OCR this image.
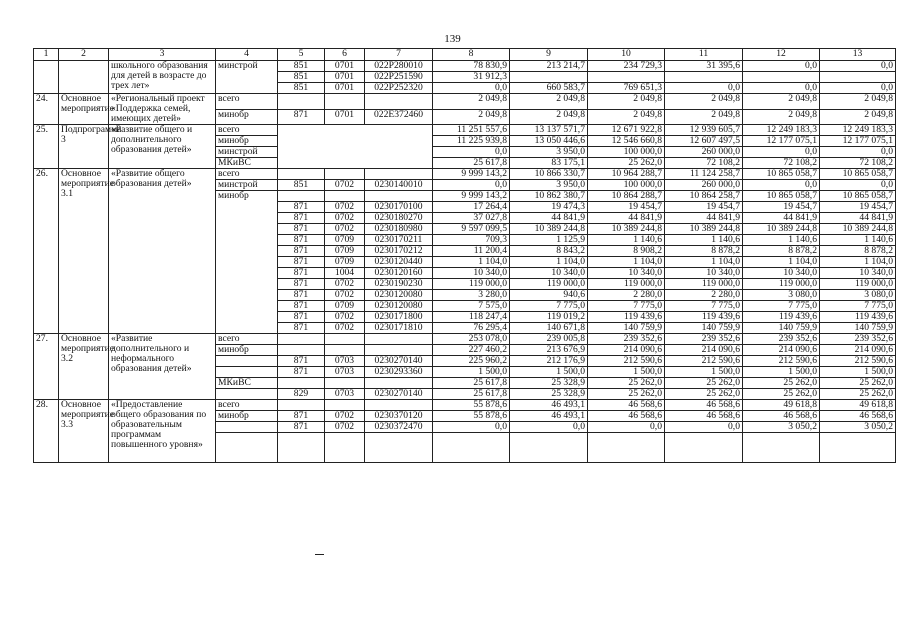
139
1	2	3	4	5	6	7	8	9	10	11	12	13
		школьного образования для детей в возрасте до трех лет»	минстрой	851	0701	022P280010	78 830,9	213 214,7	234 729,3	31 395,6	0,0	0,0
				851	0701	022P251590	31 912,3					
				851	0701	022P252320	0,0	660 583,7	769 651,3	0,0	0,0	0,0
24.	Основное мероприятие	«Региональный проект «Поддержка семей, имеющих детей»	всего				2 049,8	2 049,8	2 049,8	2 049,8	2 049,8	2 049,8
			минобр	871	0701	022E372460	2 049,8	2 049,8	2 049,8	2 049,8	2 049,8	2 049,8
25.	Подпрограмма 3	«Развитие общего и дополнительного образования детей»	всего				11 251 557,6	13 137 571,7	12 671 922,8	12 939 605,7	12 249 183,3	12 249 183,3
			минобр				11 225 939,8	13 050 446,6	12 546 660,8	12 607 497,5	12 177 075,1	12 177 075,1
			минстрой				0,0	3 950,0	100 000,0	260 000,0	0,0	0,0
			МКиВС				25 617,8	83 175,1	25 262,0	72 108,2	72 108,2	72 108,2
26.	Основное мероприятие 3.1	«Развитие общего образования детей»	всего				9 999 143,2	10 866 330,7	10 964 288,7	11 124 258,7	10 865 058,7	10 865 058,7
			минстрой	851	0702	0230140010	0,0	3 950,0	100 000,0	260 000,0	0,0	0,0
			минобр				9 999 143,2	10 862 380,7	10 864 288,7	10 864 258,7	10 865 058,7	10 865 058,7
				871	0702	0230170100	17 264,4	19 474,3	19 454,7	19 454,7	19 454,7	19 454,7
				871	0702	0230180270	37 027,8	44 841,9	44 841,9	44 841,9	44 841,9	44 841,9
				871	0702	0230180980	9 597 099,5	10 389 244,8	10 389 244,8	10 389 244,8	10 389 244,8	10 389 244,8
				871	0709	0230170211	709,3	1 125,9	1 140,6	1 140,6	1 140,6	1 140,6
				871	0709	0230170212	11 200,4	8 843,2	8 908,2	8 878,2	8 878,2	8 878,2
				871	0709	0230120440	1 104,0	1 104,0	1 104,0	1 104,0	1 104,0	1 104,0
				871	1004	0230120160	10 340,0	10 340,0	10 340,0	10 340,0	10 340,0	10 340,0
				871	0702	0230190230	119 000,0	119 000,0	119 000,0	119 000,0	119 000,0	119 000,0
				871	0702	0230120080	3 280,0	940,6	2 280,0	2 280,0	3 080,0	3 080,0
				871	0709	0230120080	7 575,0	7 775,0	7 775,0	7 775,0	7 775,0	7 775,0
				871	0702	0230171800	118 247,4	119 019,2	119 439,6	119 439,6	119 439,6	119 439,6
				871	0702	0230171810	76 295,4	140 671,8	140 759,9	140 759,9	140 759,9	140 759,9
27.	Основное мероприятие 3.2	«Развитие дополнительного и неформального образования детей»	всего				253 078,0	239 005,8	239 352,6	239 352,6	239 352,6	239 352,6
			минобр				227 460,2	213 676,9	214 090,6	214 090,6	214 090,6	214 090,6
				871	0703	0230270140	225 960,2	212 176,9	212 590,6	212 590,6	212 590,6	212 590,6
				871	0703	0230293360	1 500,0	1 500,0	1 500,0	1 500,0	1 500,0	1 500,0
			МКиВС				25 617,8	25 328,9	25 262,0	25 262,0	25 262,0	25 262,0
				829	0703	0230270140	25 617,8	25 328,9	25 262,0	25 262,0	25 262,0	25 262,0
28.	Основное мероприятие 3.3	«Предоставление общего образования по образовательным программам повышенного уровня»	всего				55 878,6	46 493,1	46 568,6	46 568,6	49 618,8	49 618,8
			минобр	871	0702	0230370120	55 878,6	46 493,1	46 568,6	46 568,6	46 568,6	46 568,6
				871	0702	0230372470	0,0	0,0	0,0	0,0	3 050,2	3 050,2
